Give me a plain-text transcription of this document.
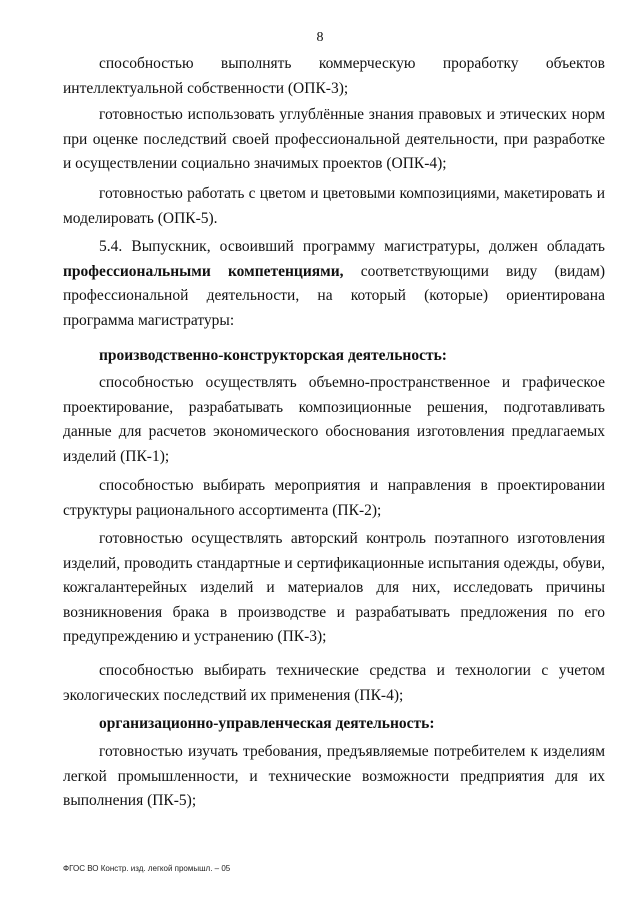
8
способностью выполнять коммерческую проработку объектов интеллектуальной собственности (ОПК-3);
готовностью использовать углублённые знания правовых и этических норм при оценке последствий своей профессиональной деятельности, при разработке и осуществлении социально значимых проектов (ОПК-4);
готовностью работать с цветом и цветовыми композициями, макетировать и моделировать (ОПК-5).
5.4. Выпускник, освоивший программу магистратуры, должен обладать профессиональными компетенциями, соответствующими виду (видам) профессиональной деятельности, на который (которые) ориентирована программа магистратуры:
производственно-конструкторская деятельность:
способностью осуществлять объемно-пространственное и графическое проектирование, разрабатывать композиционные решения, подготавливать данные для расчетов экономического обоснования изготовления предлагаемых изделий (ПК-1);
способностью выбирать мероприятия и направления в проектировании структуры рационального ассортимента (ПК-2);
готовностью осуществлять авторский контроль поэтапного изготовления изделий, проводить стандартные и сертификационные испытания одежды, обуви, кожгалантерейных изделий и материалов для них, исследовать причины возникновения брака в производстве и разрабатывать предложения по его предупреждению и устранению (ПК-3);
способностью выбирать технические средства и технологии с учетом экологических последствий их применения (ПК-4);
организационно-управленческая деятельность:
готовностью изучать требования, предъявляемые потребителем к изделиям легкой промышленности, и технические возможности предприятия для их выполнения (ПК-5);
ФГОС ВО Констр. изд. легкой промышл. – 05
